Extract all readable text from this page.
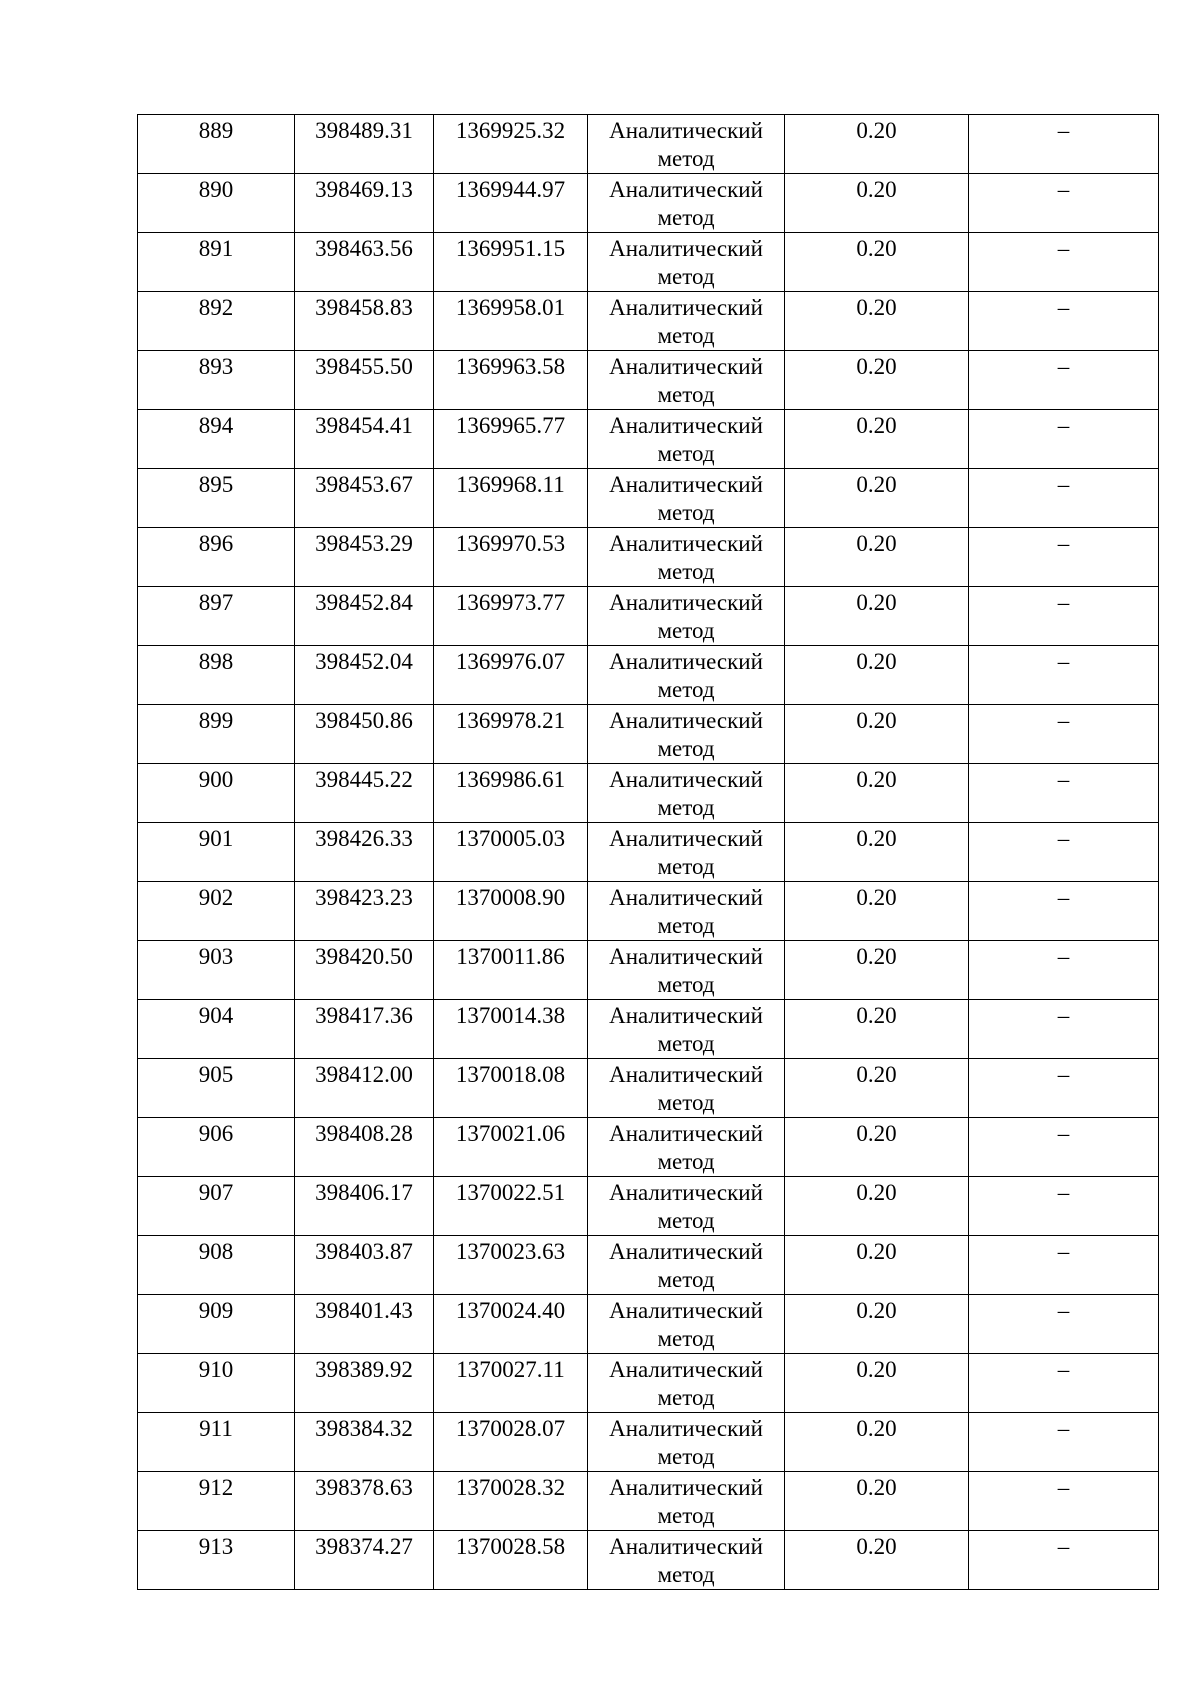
889	398489.31	1369925.32	Аналитический метод	0.20	–

890	398469.13	1369944.97	Аналитический метод	0.20	–

891	398463.56	1369951.15	Аналитический метод	0.20	–

892	398458.83	1369958.01	Аналитический метод	0.20	–

893	398455.50	1369963.58	Аналитический метод	0.20	–

894	398454.41	1369965.77	Аналитический метод	0.20	–

895	398453.67	1369968.11	Аналитический метод	0.20	–

896	398453.29	1369970.53	Аналитический метод	0.20	–

897	398452.84	1369973.77	Аналитический метод	0.20	–

898	398452.04	1369976.07	Аналитический метод	0.20	–

899	398450.86	1369978.21	Аналитический метод	0.20	–

900	398445.22	1369986.61	Аналитический метод	0.20	–

901	398426.33	1370005.03	Аналитический метод	0.20	–

902	398423.23	1370008.90	Аналитический метод	0.20	–

903	398420.50	1370011.86	Аналитический метод	0.20	–

904	398417.36	1370014.38	Аналитический метод	0.20	–

905	398412.00	1370018.08	Аналитический метод	0.20	–

906	398408.28	1370021.06	Аналитический метод	0.20	–

907	398406.17	1370022.51	Аналитический метод	0.20	–

908	398403.87	1370023.63	Аналитический метод	0.20	–

909	398401.43	1370024.40	Аналитический метод	0.20	–

910	398389.92	1370027.11	Аналитический метод	0.20	–

911	398384.32	1370028.07	Аналитический метод	0.20	–

912	398378.63	1370028.32	Аналитический метод	0.20	–

913	398374.27	1370028.58	Аналитический метод	0.20	–
